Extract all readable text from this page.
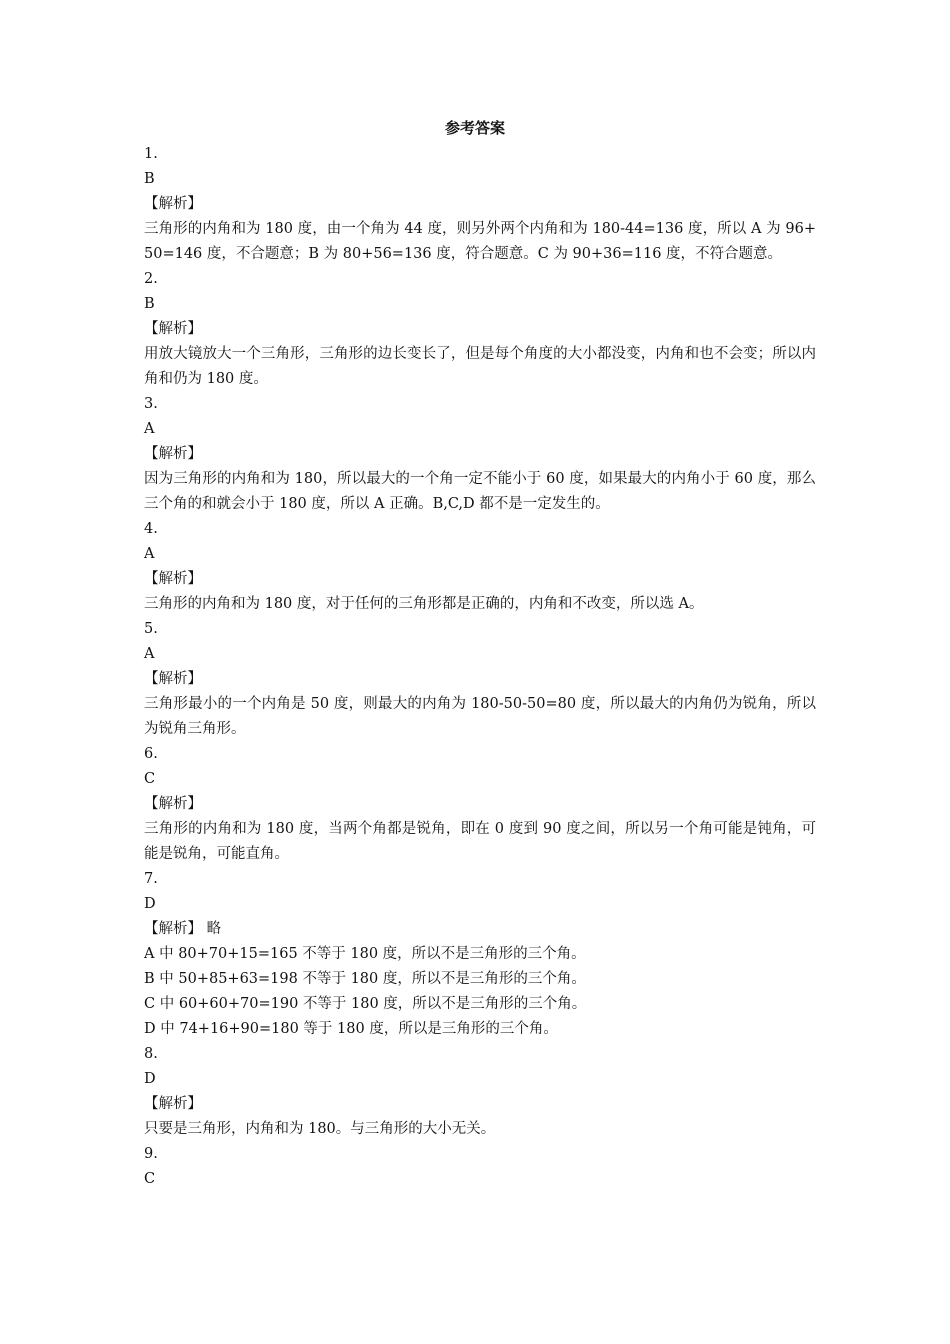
参考答案
1.
B
【解析】
三角形的内角和为 180 度，由一个角为 44 度，则另外两个内角和为 180-44=136 度，所以 A 为 96+50=146 度，不合题意；B 为 80+56=136 度，符合题意。C 为 90+36=116 度，不符合题意。
2.
B
【解析】
用放大镜放大一个三角形，三角形的边长变长了，但是每个角度的大小都没变，内角和也不会变；所以内角和仍为 180 度。
3.
A
【解析】
因为三角形的内角和为 180，所以最大的一个角一定不能小于 60 度，如果最大的内角小于 60 度，那么三个角的和就会小于 180 度，所以 A 正确。B,C,D 都不是一定发生的。
4.
A
【解析】
三角形的内角和为 180 度，对于任何的三角形都是正确的，内角和不改变，所以选 A。
5.
A
【解析】
三角形最小的一个内角是 50 度，则最大的内角为 180-50-50=80 度，所以最大的内角仍为锐角，所以为锐角三角形。
6.
C
【解析】
三角形的内角和为 180 度，当两个角都是锐角，即在 0 度到 90 度之间，所以另一个角可能是钝角，可能是锐角，可能直角。
7.
D
【解析】 略
A 中 80+70+15=165 不等于 180 度，所以不是三角形的三个角。
B 中 50+85+63=198 不等于 180 度，所以不是三角形的三个角。
C 中 60+60+70=190 不等于 180 度，所以不是三角形的三个角。
D 中 74+16+90=180 等于 180 度，所以是三角形的三个角。
8.
D
【解析】
只要是三角形，内角和为 180。与三角形的大小无关。
9.
C
